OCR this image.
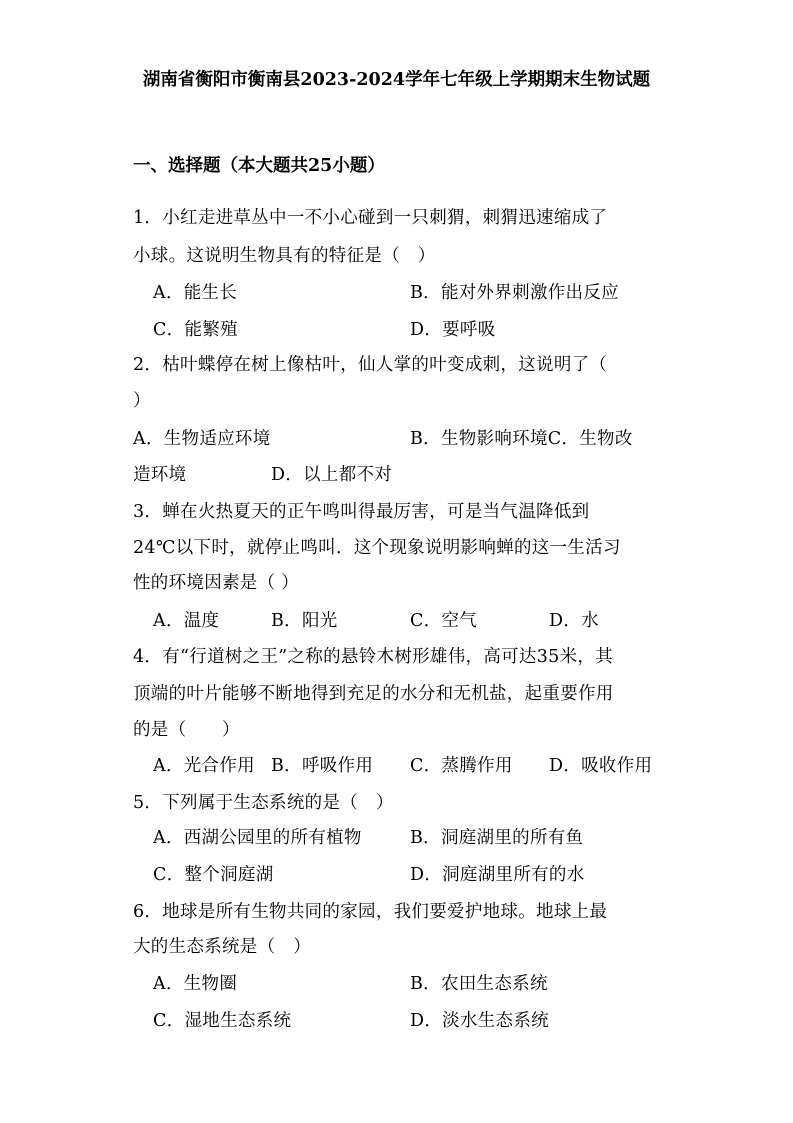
湖南省衡阳市衡南县2023-2024学年七年级上学期期末生物试题
一、选择题（本大题共25小题）
1．小红走进草丛中一不小心碰到一只刺猬，刺猬迅速缩成了
小球。这说明生物具有的特征是（　）
A．能生长	B．能对外界刺激作出反应
C．能繁殖	D．要呼吸
2．枯叶蝶停在树上像枯叶，仙人掌的叶变成刺，这说明了（
）
A．生物适应环境	B．生物影响环境C．生物改
造环境	D．以上都不对
3．蝉在火热夏天的正午鸣叫得最厉害，可是当气温降低到
24℃以下时，就停止鸣叫．这个现象说明影响蝉的这一生活习
性的环境因素是（ ）
A．温度	B．阳光	C．空气	D．水
4．有“行道树之王”之称的悬铃木树形雄伟，高可达35米，其
顶端的叶片能够不断地得到充足的水分和无机盐，起重要作用
的是（　　）
A．光合作用 B．呼吸作用 C．蒸腾作用 D．吸收作用
5．下列属于生态系统的是（　）
A．西湖公园里的所有植物	B．洞庭湖里的所有鱼
C．整个洞庭湖	D．洞庭湖里所有的水
6．地球是所有生物共同的家园，我们要爱护地球。地球上最
大的生态系统是（　）
A．生物圈	B．农田生态系统
C．湿地生态系统	D．淡水生态系统
